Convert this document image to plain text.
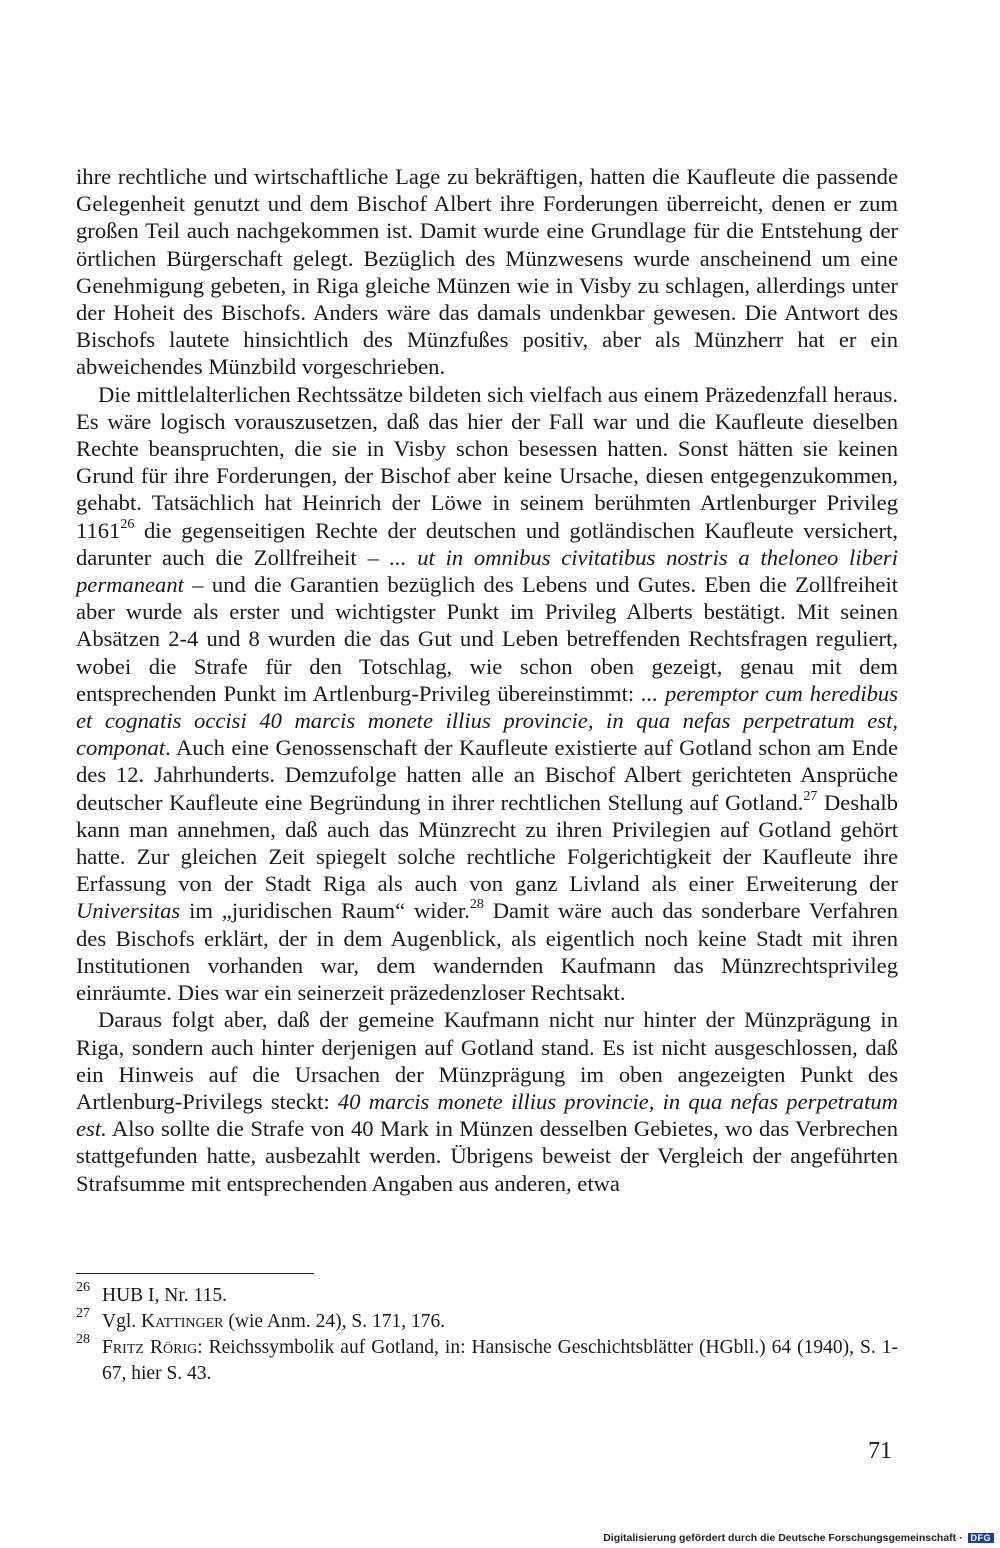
ihre rechtliche und wirtschaftliche Lage zu bekräftigen, hatten die Kaufleute die passende Gelegenheit genutzt und dem Bischof Albert ihre Forderungen überreicht, denen er zum großen Teil auch nachgekommen ist. Damit wurde eine Grundlage für die Entstehung der örtlichen Bürgerschaft gelegt. Bezüglich des Münzwesens wurde anscheinend um eine Genehmigung gebeten, in Riga gleiche Münzen wie in Visby zu schlagen, allerdings unter der Hoheit des Bischofs. Anders wäre das damals undenkbar gewesen. Die Antwort des Bischofs lautete hinsichtlich des Münzfußes positiv, aber als Münzherr hat er ein abweichendes Münzbild vorgeschrieben.

Die mittlelalterlichen Rechtssätze bildeten sich vielfach aus einem Präzedenzfall heraus. Es wäre logisch vorauszusetzen, daß das hier der Fall war und die Kaufleute dieselben Rechte beanspruchten, die sie in Visby schon besessen hatten. Sonst hätten sie keinen Grund für ihre Forderungen, der Bischof aber keine Ursache, diesen entgegenzukommen, gehabt. Tatsächlich hat Heinrich der Löwe in seinem berühmten Artlenburger Privileg 1161$^{26}$ die gegenseitigen Rechte der deutschen und gotländischen Kaufleute versichert, darunter auch die Zollfreiheit – ... ut in omnibus civitatibus nostris a theloneo liberi permaneant – und die Garantien bezüglich des Lebens und Gutes. Eben die Zollfreiheit aber wurde als erster und wichtigster Punkt im Privileg Alberts bestätigt. Mit seinen Absätzen 2-4 und 8 wurden die das Gut und Leben betreffenden Rechtsfragen reguliert, wobei die Strafe für den Totschlag, wie schon oben gezeigt, genau mit dem entsprechenden Punkt im Artlenburg-Privileg übereinstimmt: ... peremptor cum heredibus et cognatis occisi 40 marcis monete illius provincie, in qua nefas perpetratum est, componat. Auch eine Genossenschaft der Kaufleute existierte auf Gotland schon am Ende des 12. Jahrhunderts. Demzufolge hatten alle an Bischof Albert gerichteten Ansprüche deutscher Kaufleute eine Begründung in ihrer rechtlichen Stellung auf Gotland.$^{27}$ Deshalb kann man annehmen, daß auch das Münzrecht zu ihren Privilegien auf Gotland gehört hatte. Zur gleichen Zeit spiegelt solche rechtliche Folgerichtigkeit der Kaufleute ihre Erfassung von der Stadt Riga als auch von ganz Livland als einer Erweiterung der Universitas im „juridischen Raum“ wider.$^{28}$ Damit wäre auch das sonderbare Verfahren des Bischofs erklärt, der in dem Augenblick, als eigentlich noch keine Stadt mit ihren Institutionen vorhanden war, dem wandernden Kaufmann das Münzrechtsprivileg einräumte. Dies war ein seinerzeit präzedenzloser Rechtsakt.

Daraus folgt aber, daß der gemeine Kaufmann nicht nur hinter der Münzprägung in Riga, sondern auch hinter derjenigen auf Gotland stand. Es ist nicht ausgeschlossen, daß ein Hinweis auf die Ursachen der Münzprägung im oben angezeigten Punkt des Artlenburg-Privilegs steckt: 40 marcis monete illius provincie, in qua nefas perpetratum est. Also sollte die Strafe von 40 Mark in Münzen desselben Gebietes, wo das Verbrechen stattgefunden hatte, ausbezahlt werden. Übrigens beweist der Vergleich der angeführten Strafsumme mit entsprechenden Angaben aus anderen, etwa

26 HUB I, Nr. 115.
27 Vgl. Kattinger (wie Anm. 24), S. 171, 176.
28 Fritz Rörig: Reichssymbolik auf Gotland, in: Hansische Geschichtsblätter (HGbll.) 64 (1940), S. 1-67, hier S. 43.
71
Digitalisierung gefördert durch die Deutsche Forschungsgemeinschaft · DFG
